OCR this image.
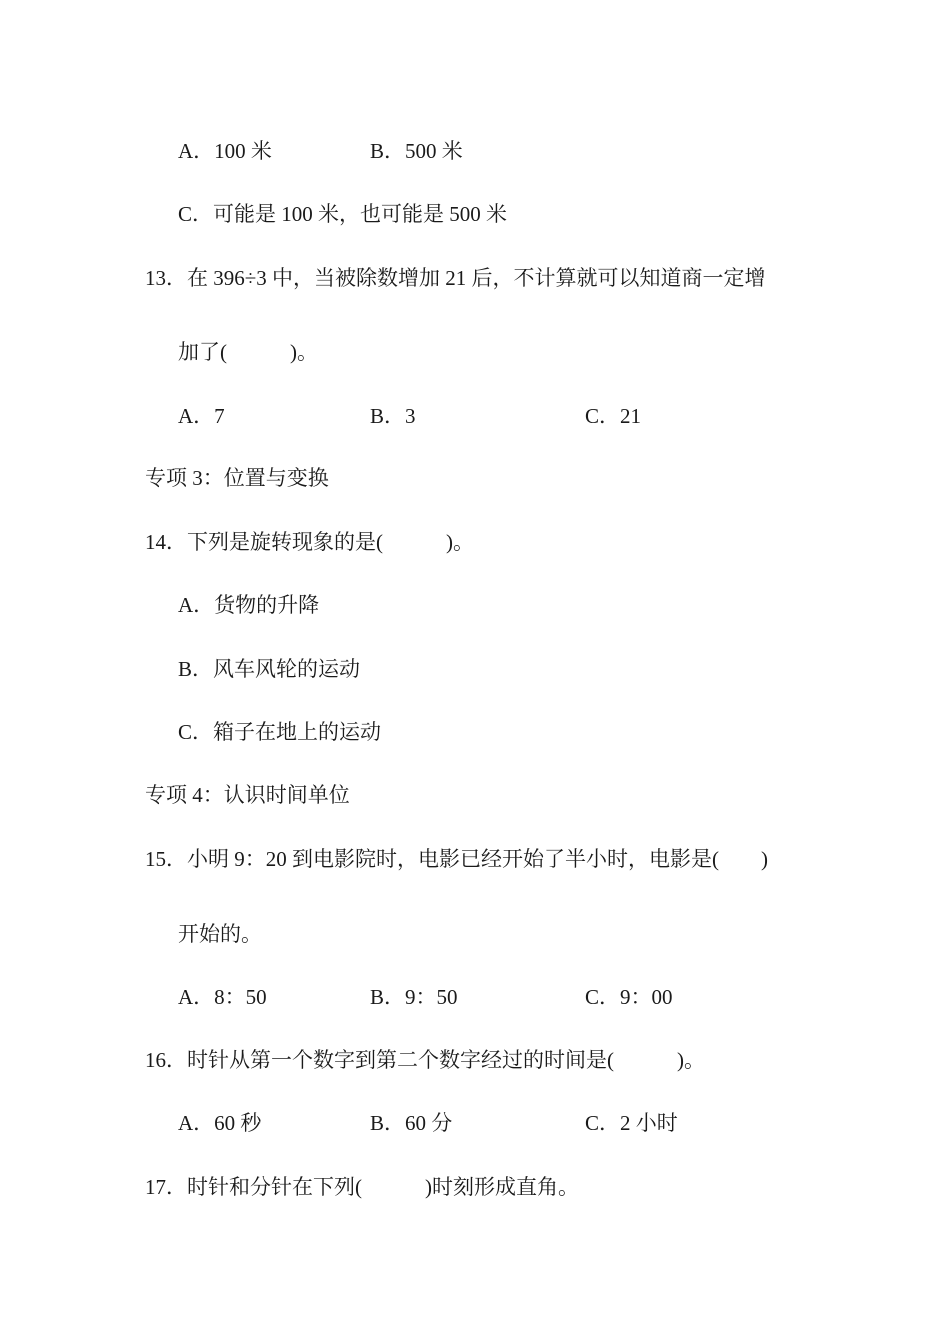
A．100 米	B．500 米
C．可能是 100 米，也可能是 500 米
13．在 396÷3 中，当被除数增加 21 后，不计算就可以知道商一定增
加了(　　　)。
A．7	B．3	C．21
专项 3：位置与变换
14．下列是旋转现象的是(　　　)。
A．货物的升降
B．风车风轮的运动
C．箱子在地上的运动
专项 4：认识时间单位
15．小明 9：20 到电影院时，电影已经开始了半小时，电影是(　　)
开始的。
A．8：50	B．9：50	C．9：00
16．时针从第一个数字到第二个数字经过的时间是(　　　)。
A．60 秒	B．60 分	C．2 小时
17．时针和分针在下列(　　　)时刻形成直角。
